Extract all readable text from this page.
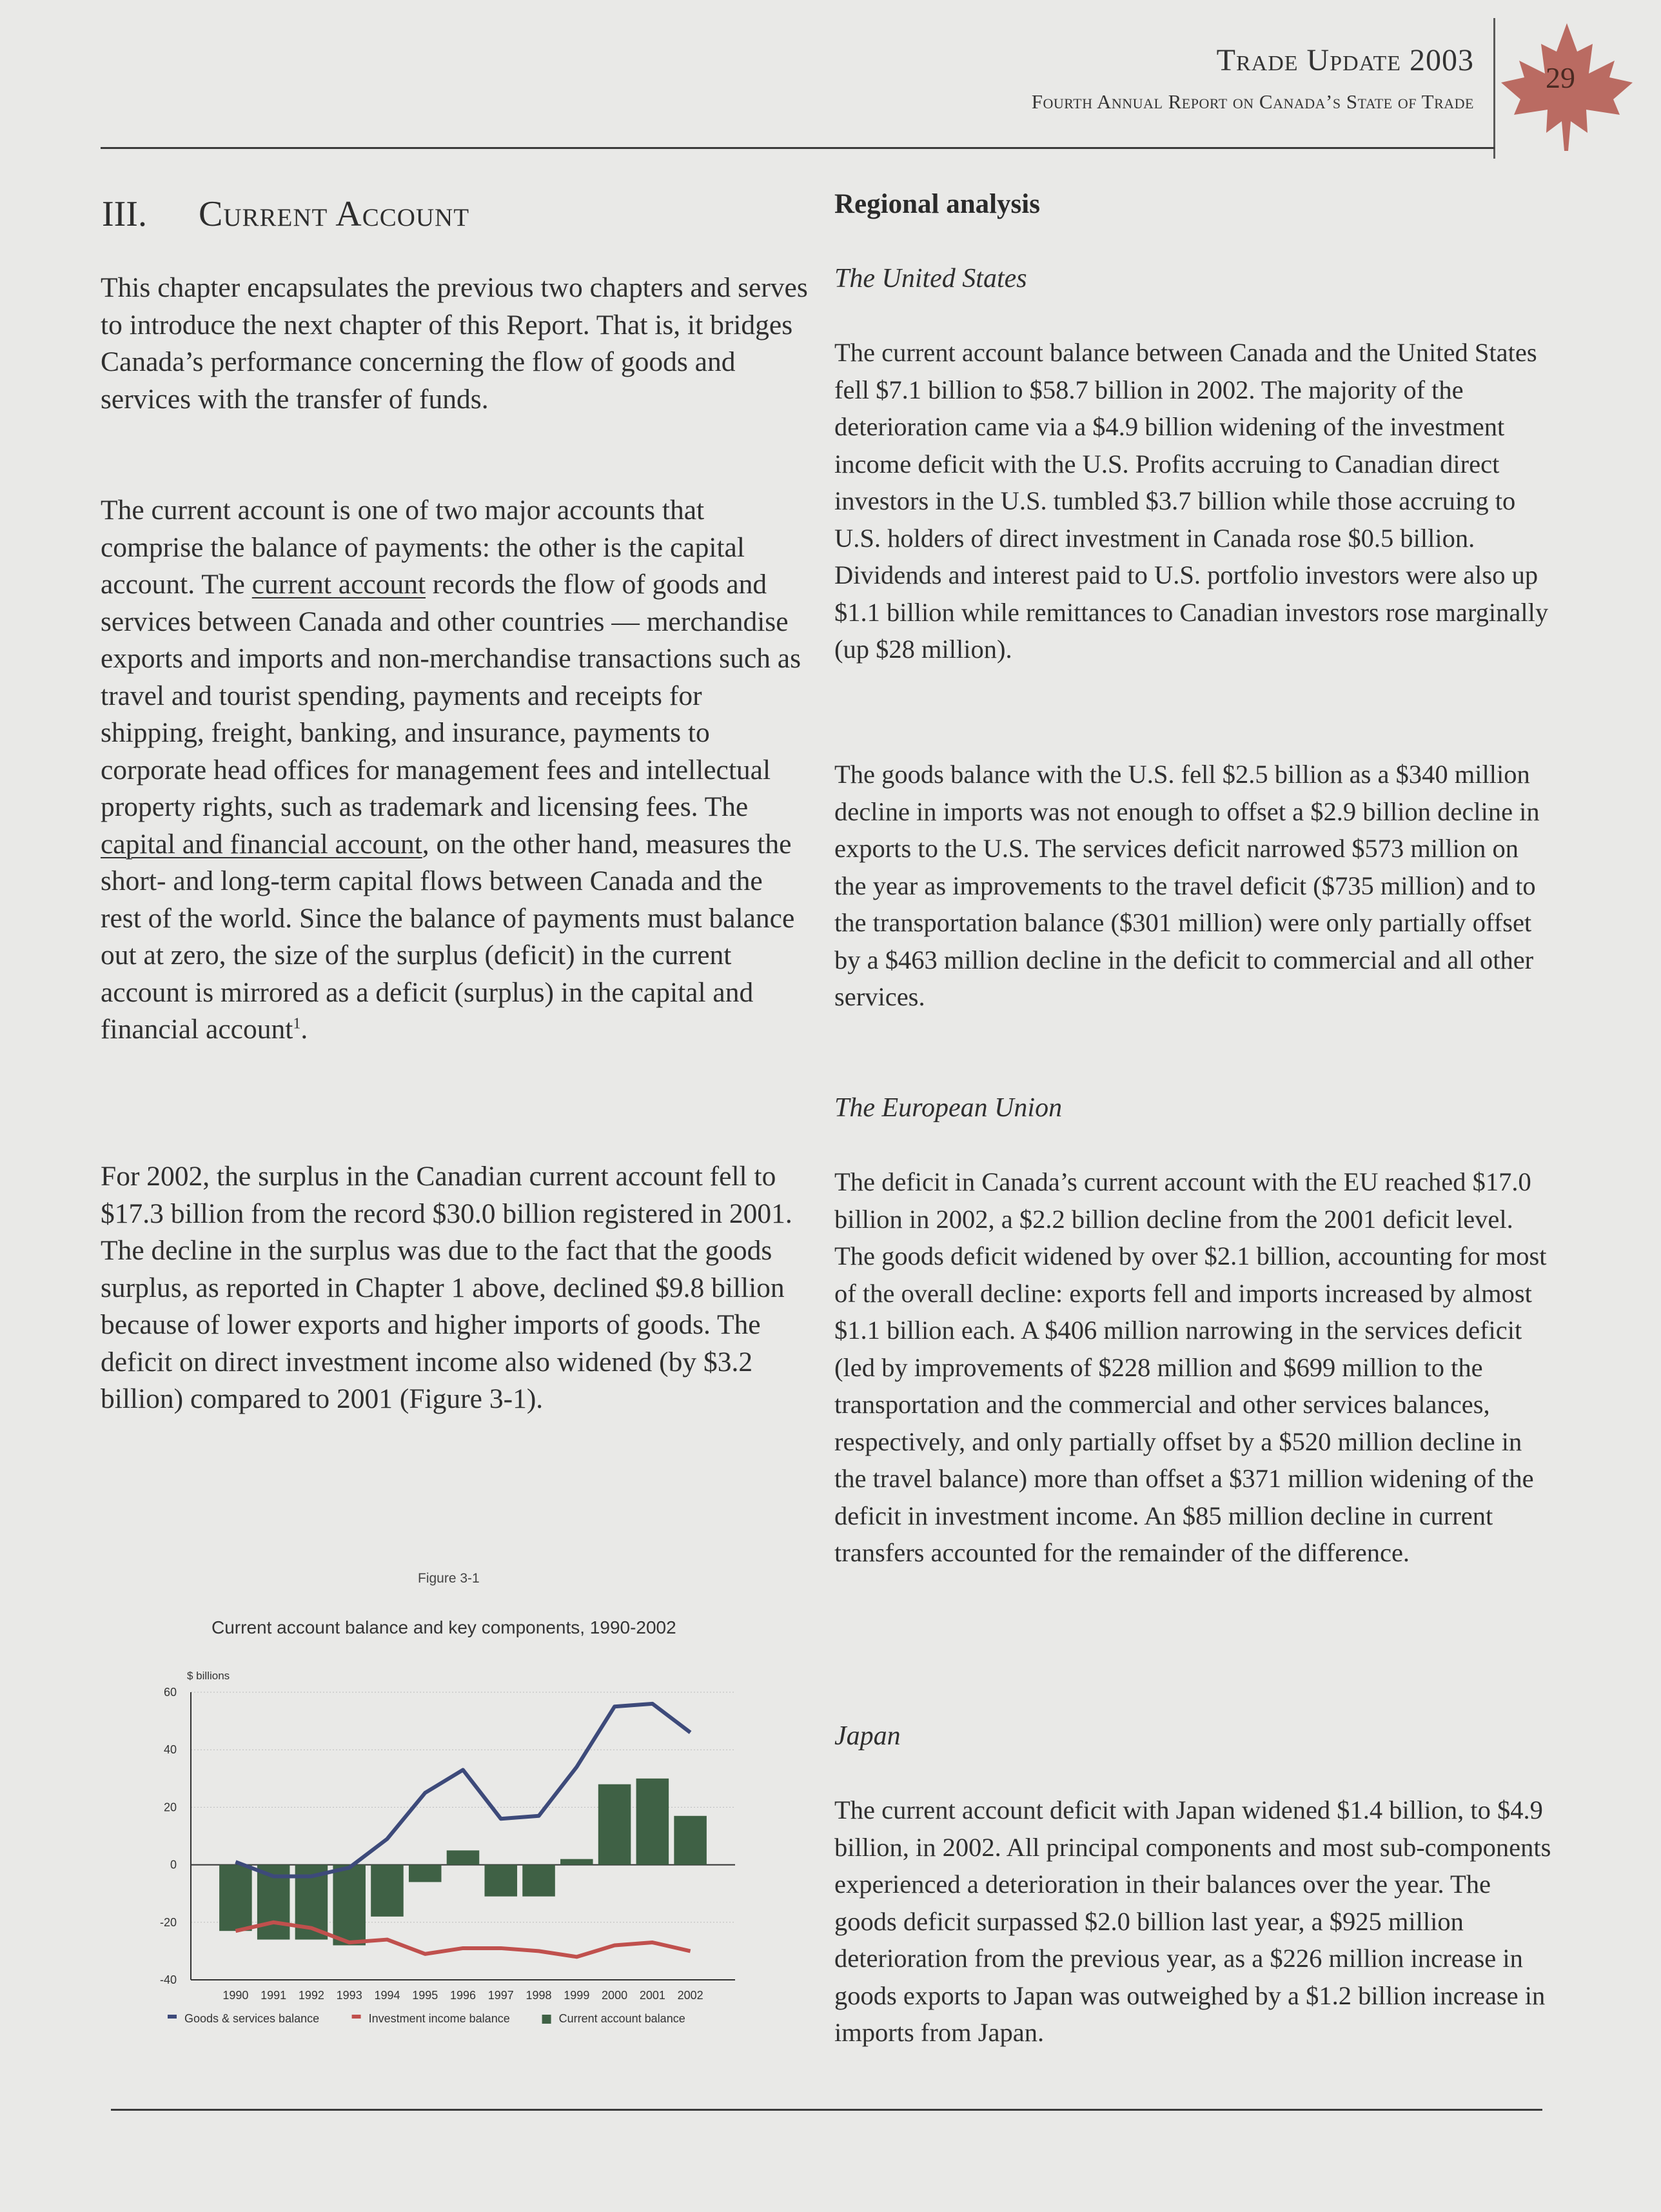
Trade Update 2003
Fourth Annual Report on Canada’s State of Trade
29
III. Current Account

This chapter encapsulates the previous two chapters and serves to introduce the next chapter of this Report. That is, it bridges Canada’s performance concerning the flow of goods and services with the transfer of funds.

The current account is one of two major accounts that comprise the balance of payments: the other is the capital account. The current account records the flow of goods and services between Canada and other countries — merchandise exports and imports and non-merchandise transactions such as travel and tourist spending, payments and receipts for shipping, freight, banking, and insurance, payments to corporate head offices for management fees and intellectual property rights, such as trademark and licensing fees. The capital and financial account, on the other hand, measures the short- and long-term capital flows between Canada and the rest of the world. Since the balance of payments must balance out at zero, the size of the surplus (deficit) in the current account is mirrored as a deficit (surplus) in the capital and financial account$^1$.

For 2002, the surplus in the Canadian current account fell to $17.3 billion from the record $30.0 billion registered in 2001. The decline in the surplus was due to the fact that the goods surplus, as reported in Chapter 1 above, declined $9.8 billion because of lower exports and higher imports of goods. The deficit on direct investment income also widened (by $3.2 billion) compared to 2001 (Figure 3-1).

Figure 3-1
Current account balance and key components, 1990-2002
$ billions
60
40
20
0
-20
-40
1990 1991 1992 1993 1994 1995 1996 1997 1998 1999 2000 2001 2002
Goods & services balance	Investment income balance	Current account balance
Regional analysis
The United States

The current account balance between Canada and the United States fell $7.1 billion to $58.7 billion in 2002. The majority of the deterioration came via a $4.9 billion widening of the investment income deficit with the U.S. Profits accruing to Canadian direct investors in the U.S. tumbled $3.7 billion while those accruing to U.S. holders of direct investment in Canada rose $0.5 billion. Dividends and interest paid to U.S. portfolio investors were also up $1.1 billion while remittances to Canadian investors rose marginally (up $28 million).

The goods balance with the U.S. fell $2.5 billion as a $340 million decline in imports was not enough to offset a $2.9 billion decline in exports to the U.S. The services deficit narrowed $573 million on the year as improvements to the travel deficit ($735 million) and to the transportation balance ($301 million) were only partially offset by a $463 million decline in the deficit to commercial and all other services.

The European Union

The deficit in Canada’s current account with the EU reached $17.0 billion in 2002, a $2.2 billion decline from the 2001 deficit level. The goods deficit widened by over $2.1 billion, accounting for most of the overall decline: exports fell and imports increased by almost $1.1 billion each. A $406 million narrowing in the services deficit (led by improvements of $228 million and $699 million to the transportation and the commercial and other services balances, respectively, and only partially offset by a $520 million decline in the travel balance) more than offset a $371 million widening of the deficit in investment income. An $85 million decline in current transfers accounted for the remainder of the difference.

Japan

The current account deficit with Japan widened $1.4 billion, to $4.9 billion, in 2002. All principal components and most sub-components experienced a deterioration in their balances over the year. The goods deficit surpassed $2.0 billion last year, a $925 million deterioration from the previous year, as a $226 million increase in goods exports to Japan was outweighed by a $1.2 billion increase in imports from Japan.
